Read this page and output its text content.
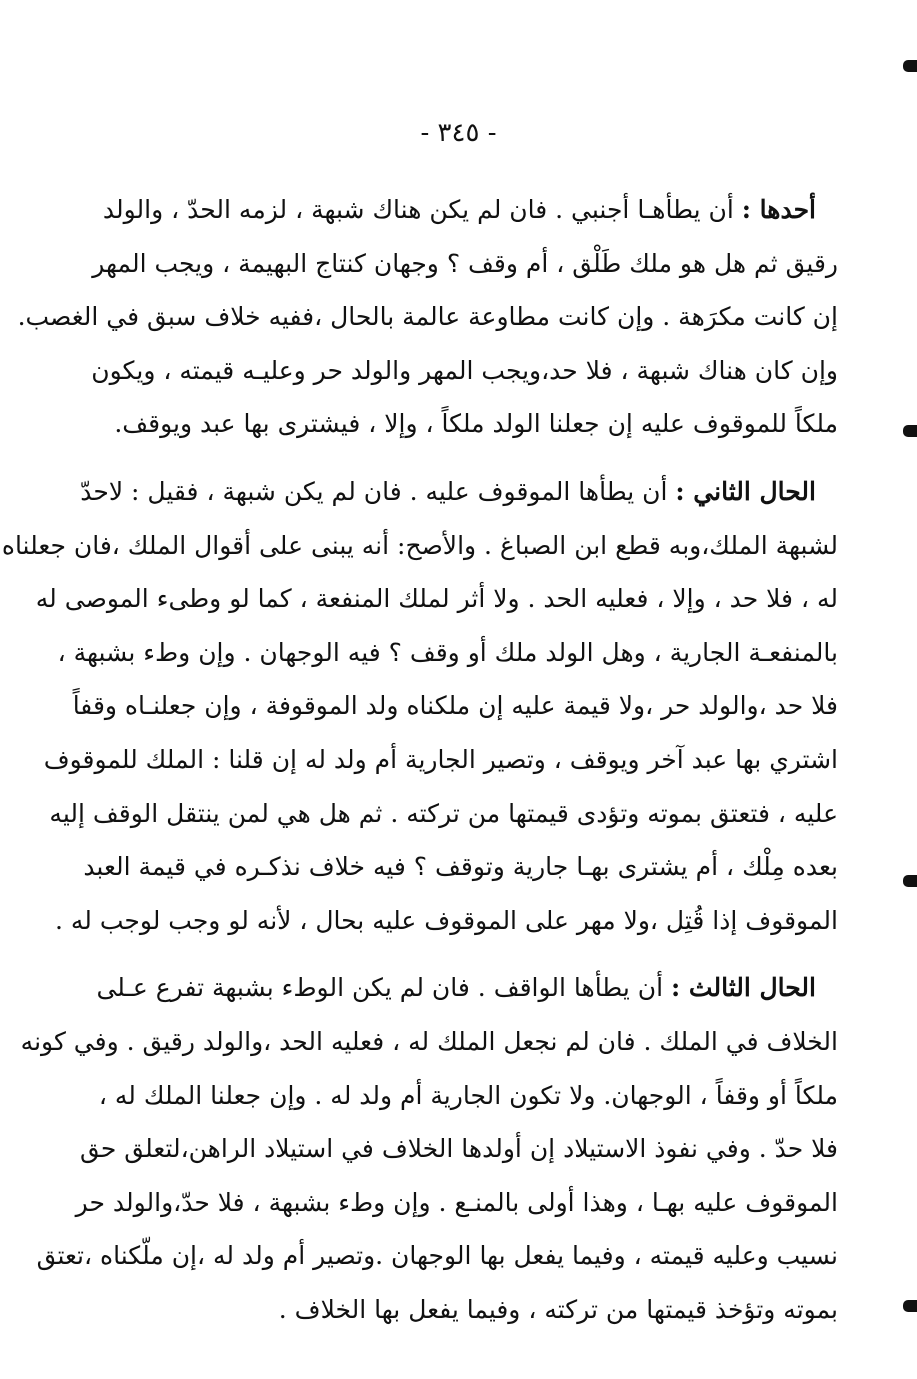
- ٣٤٥ -
أحدها : أن يطأهـا أجنبي . فان لم يكن هناك شبهة ، لزمه الحدّ ، والولد
رقيق ثم هل هو ملك طَلْق ، أم وقف ؟ وجهان كنتاج البهيمة ، ويجب المهر
إن كانت مكرَهة . وإن كانت مطاوعة عالمة بالحال ،ففيه خلاف سبق في الغصب.
وإن كان هناك شبهة ، فلا حد،ويجب المهر والولد حر وعليـه قيمته ، ويكون
ملكاً للموقوف عليه إن جعلنا الولد ملكاً ، وإلا ، فيشترى بها عبد ويوقف.
الحال الثاني : أن يطأها الموقوف عليه . فان لم يكن شبهة ، فقيل : لاحدّ
لشبهة الملك،وبه قطع ابن الصباغ . والأصح: أنه يبنى على أقوال الملك ،فان جعلناه
له ، فلا حد ، وإلا ، فعليه الحد . ولا أثر لملك المنفعة ، كما لو وطىء الموصى له
بالمنفعـة الجارية ، وهل الولد ملك أو وقف ؟ فيه الوجهان . وإن وطء بشبهة ،
فلا حد ،والولد حر ،ولا قيمة عليه إن ملكناه ولد الموقوفة ، وإن جعلنـاه وقفاً
اشتري بها عبد آخر ويوقف ، وتصير الجارية أم ولد له إن قلنا : الملك للموقوف
عليه ، فتعتق بموته وتؤدى قيمتها من تركته . ثم هل هي لمن ينتقل الوقف إليه
بعده مِلْك ، أم يشترى بهـا جارية وتوقف ؟ فيه خلاف نذكـره في قيمة العبد
الموقوف إذا قُتِل ،ولا مهر على الموقوف عليه بحال ، لأنه لو وجب لوجب له .
الحال الثالث : أن يطأها الواقف . فان لم يكن الوطء بشبهة تفرع عـلى
الخلاف في الملك . فان لم نجعل الملك له ، فعليه الحد ،والولد رقيق . وفي كونه
ملكاً أو وقفاً ، الوجهان. ولا تكون الجارية أم ولد له . وإن جعلنا الملك له ،
فلا حدّ . وفي نفوذ الاستيلاد إن أولدها الخلاف في استيلاد الراهن،لتعلق حق
الموقوف عليه بهـا ، وهذا أولى بالمنـع . وإن وطء بشبهة ، فلا حدّ،والولد حر
نسيب وعليه قيمته ، وفيما يفعل بها الوجهان .وتصير أم ولد له ،إن ملّكناه ،تعتق
بموته وتؤخذ قيمتها من تركته ، وفيما يفعل بها الخلاف .
